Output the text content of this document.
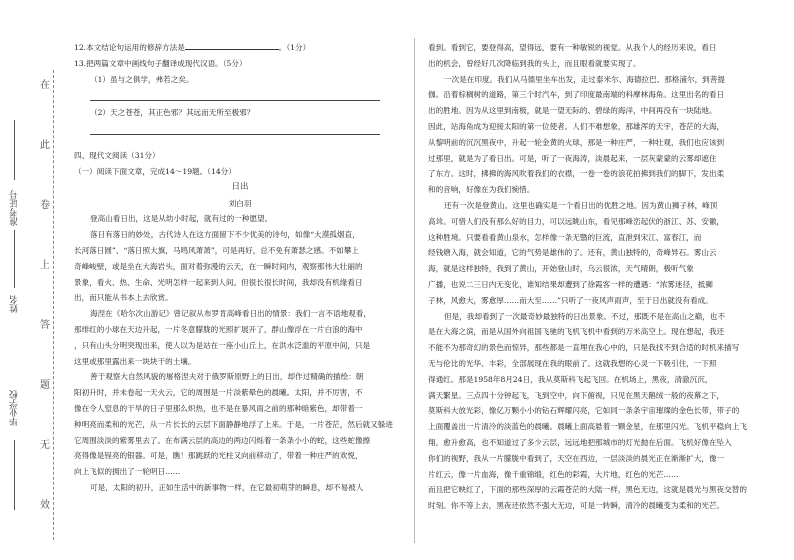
在
此
卷
上
答
题
无
效
准考证号
姓名
毕业学校
12.本文结论句运用的修辞方法是	。（1分）
13.把两篇文章中画线句子翻译成现代汉语。（5分）
（1）虽与之俱学，弗若之矣。
（2）天之苍苍，其正色邪？其远而无所至极邪？
四、现代文阅读（31分）
（一）阅读下面文章，完成14～19题。（14分）
日出
刘白羽
登高山看日出，这是从幼小时起，就有过的一种愿望。
落日有落日的妙处，古代诗人在这方面留下不少优美的诗句，如像“大漠孤烟直，
长河落日圆”、“落日照大旗，马鸣风萧萧”，可是再好，总不免有萧瑟之感。不如攀上
奇峰峻壁，或是坐在大海岩头，面对着弥漫的云天，在一瞬时间内，观察那伟大壮丽的
景象，看火、热、生命、光明怎样一起来到人间。但很长很长时间，我却没有机缘看日
出，而只能从书本上去欣赏。
海涅在《哈尔次山游记》曾记叙从布罗肯高峰看日出的情景：我们一言不语地观看，
那绯红的小球在天边升起，一片冬意朦胧的光照扩展开了，群山像浮在一片白浪的海中
，只有山头分明突现出来，使人以为是站在一座小山丘上，在洪水泛滥的平原中间，只是
这里或那里露出来一块块干的土壤。
善于观察大自然风貌的屠格涅夫对于俄罗斯原野上的日出，却作过精确的描绘：朝
阳初升时，并未卷起一天火云，它的周围是一片淡紫晕色的晨曦。太阳，并不厉害，不
像在令人窒息的干旱的日子里那么炽热，也不是在暴风雨之前的那种暗紫色，却带着一
种明亮而柔和的光芒，从一片长长的云层下面静静地浮了上来。于是，一片苍茫，然后就又躲进
它周围淡淡的紫雾里去了。在布满云层的高边的两边闪烁着一条条小小的蛇，这些蛇像擦
亮得像是锃亮的银器。可是，瞧！那跳跃的光柱又向前移动了，带着一种庄严的欢悦，
向上飞似的拥出了一轮明日……
可是，太阳的初升，正如生活中的新事物一样，在它最初萌芽的瞬息，却不易被人
看到。看到它，要登得高，望得远，要有一种敏锐的视觉。从我个人的经历来说，看日
出的机会，曾经好几次降临到我的头上，而且眼看就要实现了。
一次是在印度。我们从马德里坐车出发，走过泰米尔、海德拉巴、那格浦尔，到菩提
伽。沿着棕榈树的道路，第三个时汽车，到了印度最南端的科摩林海角。这里出名的看日
出的胜地。因为从这里到南极，就是一望无际的、碧绿的海洋，中间再没有一块陆地。
因此，站海角成为迎接太阳的第一位使者。人们不难想象，那雄浑的天宇，苍茫的大海，
从黎明前的沉沉黑夜中，升起一轮金黄的火球，那是一种庄严，一种壮观，我们也应该到
过那里，就是为了看日出。可是，听了一夜海涛，淡晨起来，一层灰蒙蒙的云雾却遮住
了东方。这时，拂拂的海风吹着我们的衣襟，一卷一卷的浪花拍拂到我们的脚下，发出柔
和的音响，好像在为我们惋惜。
还有一次是登黄山。这里也确实是一个看日出的优胜之地。因为黄山狮子林，峰顶
高耸。可惜人们没有那么好的目力，可以远眺山东，看见那峰峦起伏的浙江、苏、安徽，
这种胜境。只要看看黄山泉水，怎样像一条无翳的巨流，直泄到宋江、富春江，而
经钱塘入海，就会知道，它的气势是雄伟的了。还有，黄山独特的，奇峰异石。雾山云
海，就是这样独特，我到了黄山，开始登山时，乌云很浓，天气晴朗，极听气象
广播，也说二三日内无变化，谁知结果却遭到了徐霞客一样的遭遇：“浓雾迷径，抵狮
子林，风愈大，雾愈厚……而大至……”只听了一夜风声雨声，至于日出就没有看成。
但是，我却看到了一次最奇妙最独特的日出景象。不过，那既不是在高山之巅，也不
是在大海之滨，而是从国外向祖国飞驰的飞机飞机中看到的万米高空上。现在想起，我还
不能不为那奇幻的景色而惊异，那些都是一直埋在我心中的，只是我找不到合适的时机来描写
无与伦比的光华、丰彩，全部展现在我的眼前了。这就我想的心灵一下吸引住，一下照
得通红。那是1958年8月24日，我从莫斯科飞起飞回。在机场上，黑夜，清澈沉沉，
满天繁星。三点四十分钟起飞，飞到空中，向下俯视，只见在黑天鹅绒一般的夜幕之下，
莫斯科大放光彩，像亿万颗小小的钻石辉耀闪亮，它如同一条条宇宙璀璨的金色长带，带子的
上面覆盖出一片清冷的淡蓝色的晨曦。晨曦上面高悬着一颗金星，在那里闪光。飞机平稳向上飞
翔，愈升愈高，也不知道过了多少云层，远远地把那城市的灯光抛在后面。飞机好像在坠入
你们的视野，我从一片朦胧中看到了，天空在西边，一层淡淡的晨光正在渐渐扩大，像一
片红云，像一片血海，像千重锦缎，红色的彩霞，大片地，红色的光芒……
而且把它映红了，下面的那些深厚的云霞苍茫的大陆一样，黑色无边，这就是晨光与黑夜交替的
时刻。你不等上去，黑夜还依然不强大无边，可是一转瞬，清冷的晨曦变为柔和的光芒。
